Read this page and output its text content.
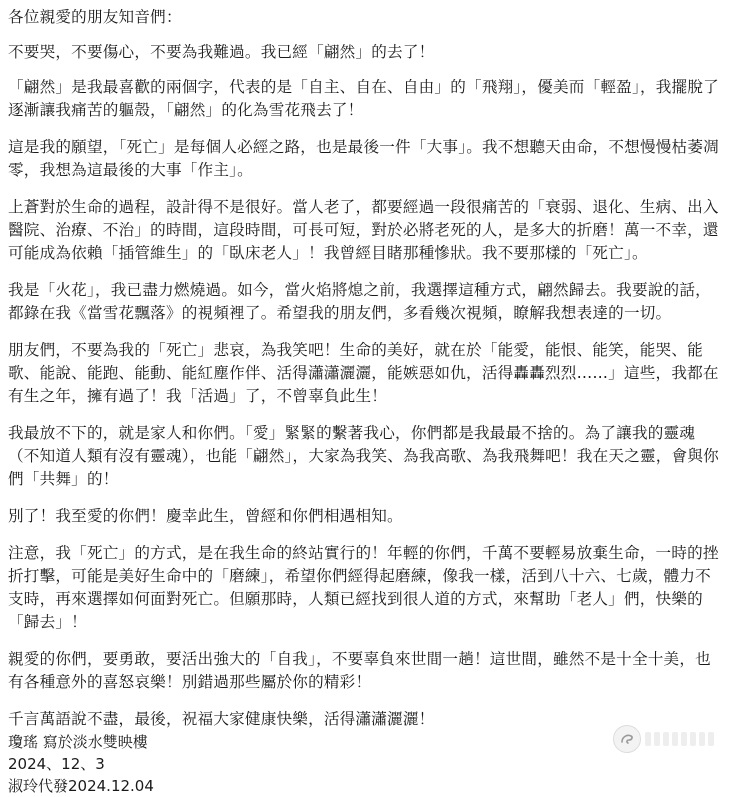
各位親愛的朋友知音們：

不要哭，不要傷心，不要為我難過。我已經「翩然」的去了！

「翩然」是我最喜歡的兩個字，代表的是「自主、自在、自由」的「飛翔」，優美而「輕盈」，我擺脫了逐漸讓我痛苦的軀殼，「翩然」的化為雪花飛去了！

這是我的願望，「死亡」是每個人必經之路，也是最後一件「大事」。我不想聽天由命，不想慢慢枯萎凋零，我想為這最後的大事「作主」。

上蒼對於生命的過程，設計得不是很好。當人老了，都要經過一段很痛苦的「衰弱、退化、生病、出入醫院、治療、不治」的時間，這段時間，可長可短，對於必將老死的人，是多大的折磨！萬一不幸，還可能成為依賴「插管維生」的「臥床老人」！我曾經目睹那種慘狀。我不要那樣的「死亡」。

我是「火花」，我已盡力燃燒過。如今，當火焰將熄之前，我選擇這種方式，翩然歸去。我要說的話，都錄在我《當雪花飄落》的視頻裡了。希望我的朋友們，多看幾次視頻，瞭解我想表達的一切。

朋友們，不要為我的「死亡」悲哀，為我笑吧！生命的美好，就在於「能愛，能恨、能笑，能哭、能歌、能說、能跑、能動、能紅塵作伴、活得瀟瀟灑灑，能嫉惡如仇，活得轟轟烈烈……」這些，我都在有生之年，擁有過了！我「活過」了，不曾辜負此生！

我最放不下的，就是家人和你們。「愛」緊緊的繫著我心，你們都是我最最不捨的。為了讓我的靈魂（不知道人類有沒有靈魂），也能「翩然」，大家為我笑、為我高歌、為我飛舞吧！我在天之靈，會與你們「共舞」的！

別了！我至愛的你們！慶幸此生，曾經和你們相遇相知。

注意，我「死亡」的方式，是在我生命的終站實行的！年輕的你們，千萬不要輕易放棄生命，一時的挫折打擊，可能是美好生命中的「磨練」，希望你們經得起磨練，像我一樣，活到八十六、七歲，體力不支時，再來選擇如何面對死亡。但願那時，人類已經找到很人道的方式，來幫助「老人」們，快樂的「歸去」！

親愛的你們，要勇敢，要活出強大的「自我」，不要辜負來世間一趟！這世間，雖然不是十全十美，也有各種意外的喜怒哀樂！別錯過那些屬於你的精彩！

千言萬語說不盡，最後，祝福大家健康快樂，活得瀟瀟灑灑！

瓊瑤 寫於淡水雙映樓

2024、12、3

淑玲代發2024.12.04
